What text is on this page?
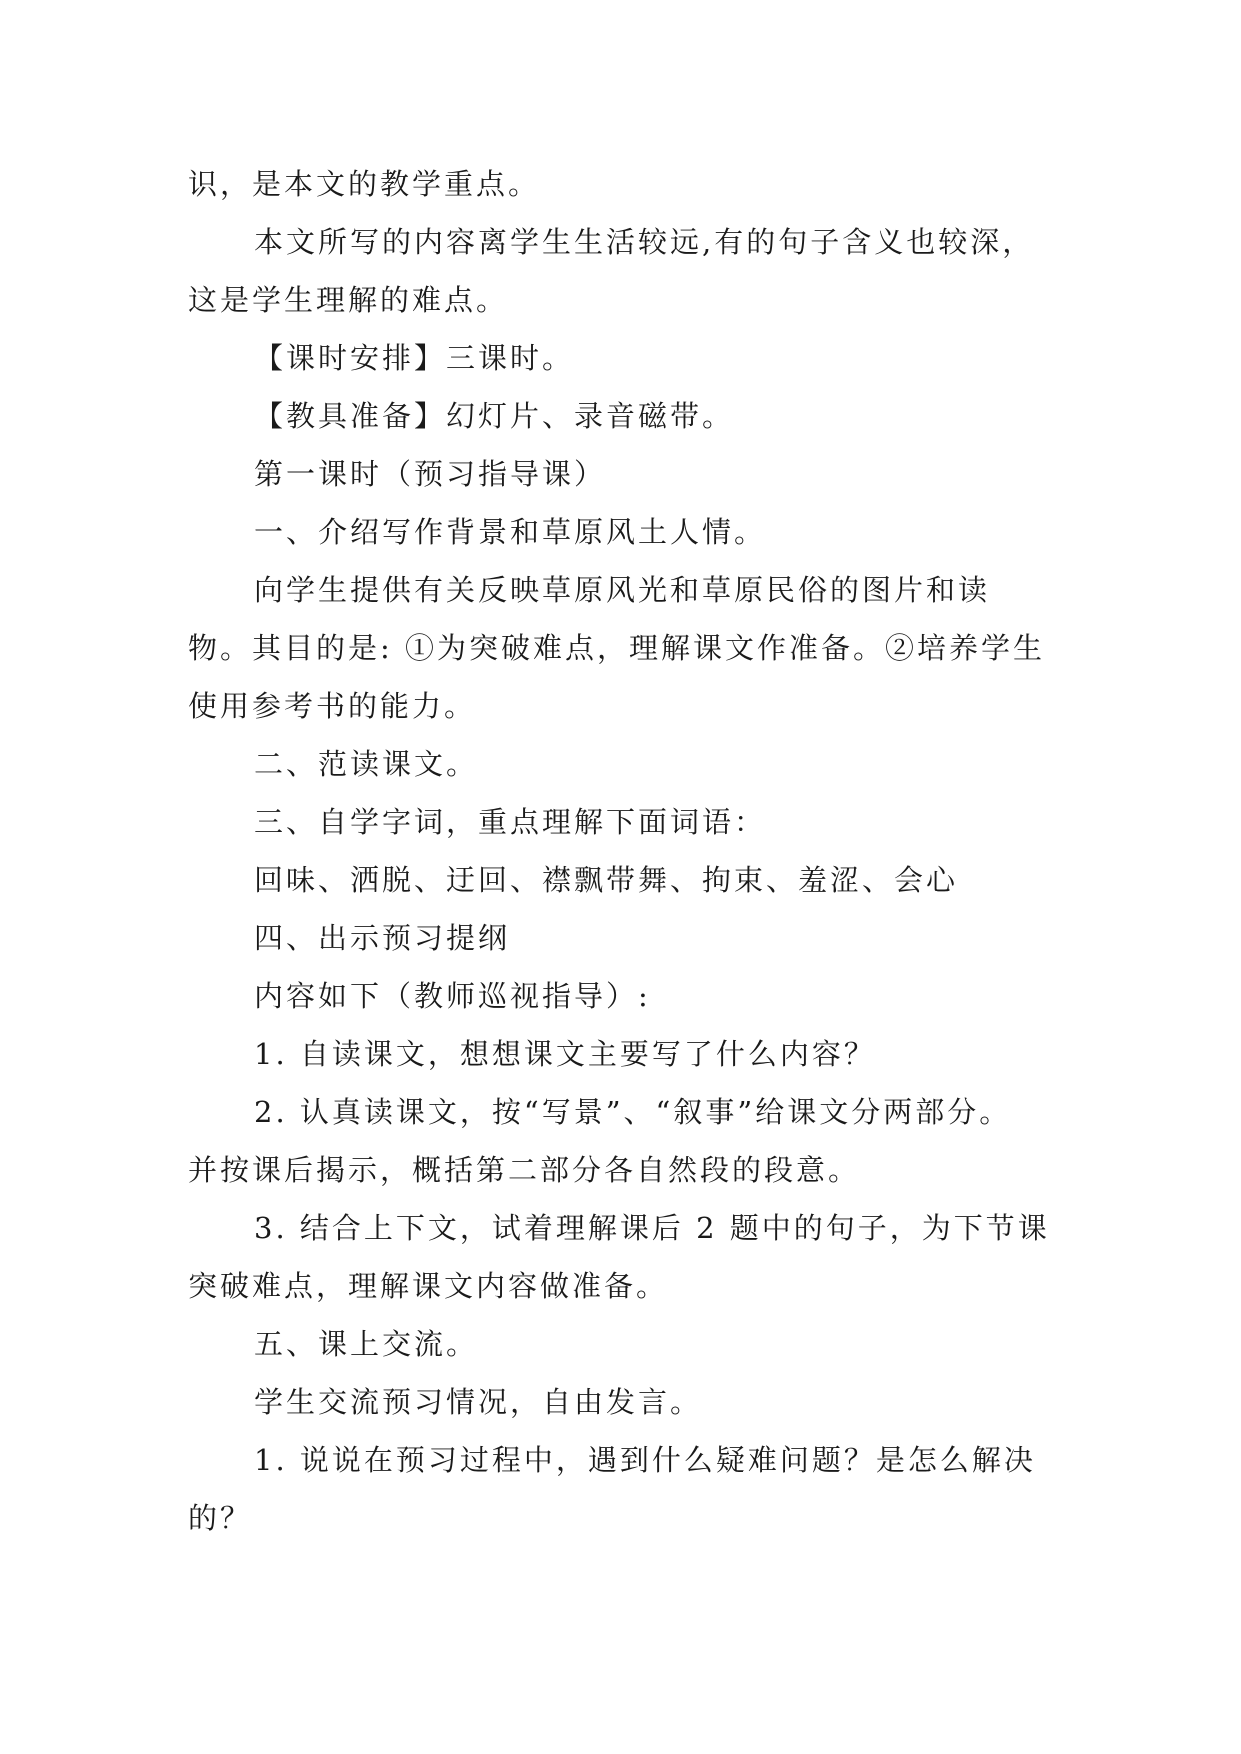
识，是本文的教学重点。
本文所写的内容离学生生活较远,有的句子含义也较深，
这是学生理解的难点。
【课时安排】三课时。
【教具准备】幻灯片、录音磁带。
第一课时（预习指导课）
一、介绍写作背景和草原风土人情。
向学生提供有关反映草原风光和草原民俗的图片和读
物。其目的是: ①为突破难点，理解课文作准备。②培养学生
使用参考书的能力。
二、范读课文。
三、自学字词，重点理解下面词语：
回味、洒脱、迂回、襟飘带舞、拘束、羞涩、会心
四、出示预习提纲
内容如下（教师巡视指导）:
1. 自读课文，想想课文主要写了什么内容？
2. 认真读课文，按“写景”、“叙事”给课文分两部分。
并按课后揭示，概括第二部分各自然段的段意。
3. 结合上下文，试着理解课后 2 题中的句子，为下节课
突破难点，理解课文内容做准备。
五、课上交流。
学生交流预习情况，自由发言。
1. 说说在预习过程中，遇到什么疑难问题？是怎么解决
的？
